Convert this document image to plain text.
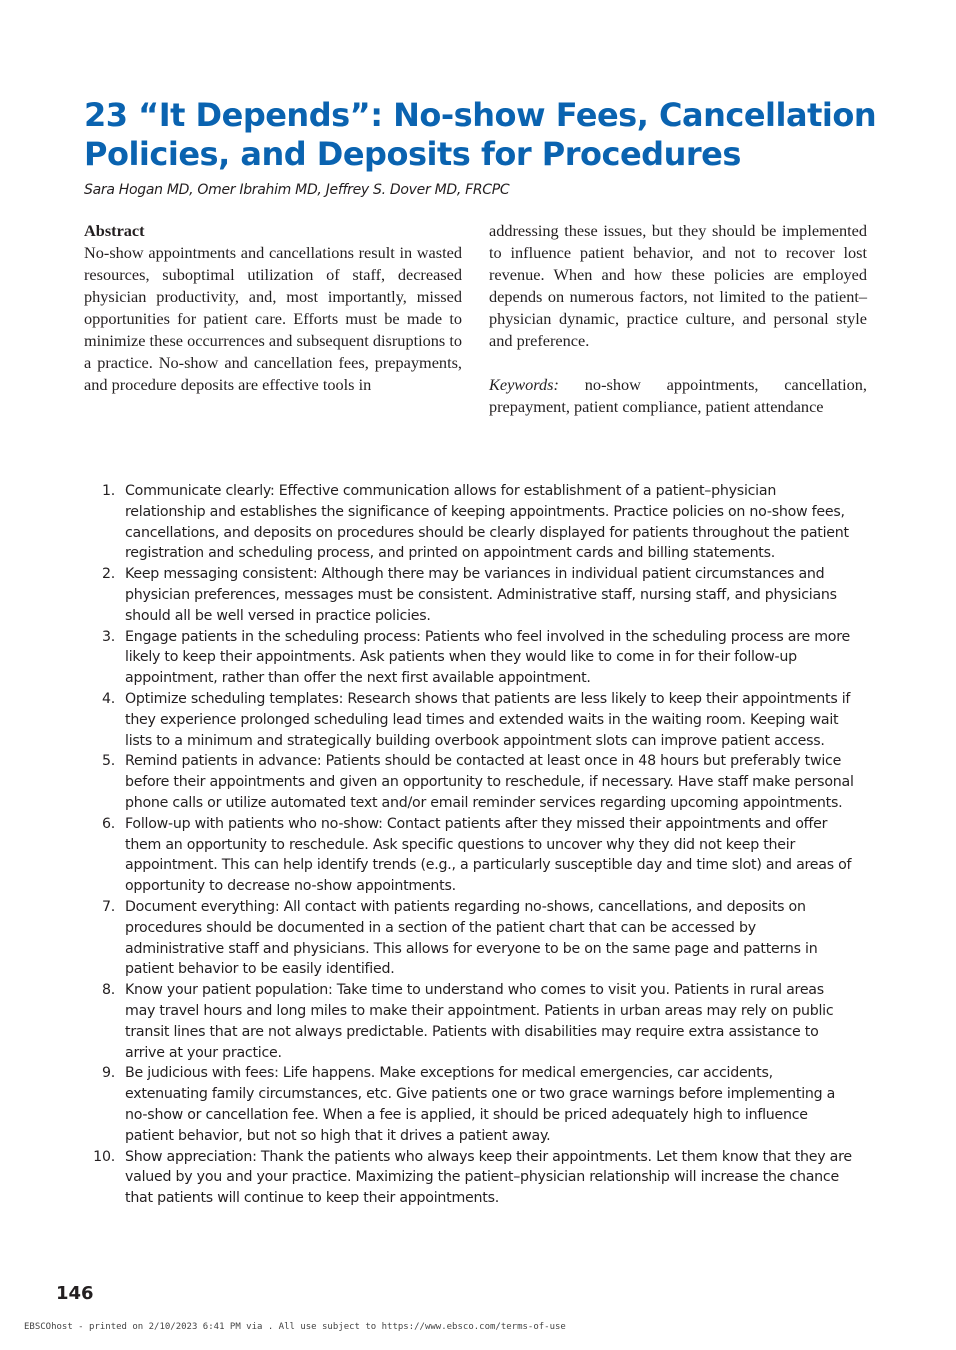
23 “It Depends”: No-show Fees, Cancellation Policies, and Deposits for Procedures

Sara Hogan MD, Omer Ibrahim MD, Jeffrey S. Dover MD, FRCPC

Abstract

No-show appointments and cancellations result in wasted resources, suboptimal utilization of staff, decreased physician productivity, and, most importantly, missed opportunities for patient care. Efforts must be made to minimize these occurrences and subsequent disruptions to a practice. No-show and cancellation fees, prepayments, and procedure deposits are effective tools in

addressing these issues, but they should be implemented to influence patient behavior, and not to recover lost revenue. When and how these policies are employed depends on numerous factors, not limited to the patient–physician dynamic, practice culture, and personal style and preference.

Keywords: no-show appointments, cancellation, prepayment, patient compliance, patient attendance

1. Communicate clearly: Effective communication allows for establishment of a patient–physician relationship and establishes the significance of keeping appointments. Practice policies on no-show fees, cancellations, and deposits on procedures should be clearly displayed for patients throughout the patient registration and scheduling process, and printed on appointment cards and billing statements.
2. Keep messaging consistent: Although there may be variances in individual patient circumstances and physician preferences, messages must be consistent. Administrative staff, nursing staff, and physicians should all be well versed in practice policies.
3. Engage patients in the scheduling process: Patients who feel involved in the scheduling process are more likely to keep their appointments. Ask patients when they would like to come in for their follow-up appointment, rather than offer the next first available appointment.
4. Optimize scheduling templates: Research shows that patients are less likely to keep their appointments if they experience prolonged scheduling lead times and extended waits in the waiting room. Keeping wait lists to a minimum and strategically building overbook appointment slots can improve patient access.
5. Remind patients in advance: Patients should be contacted at least once in 48 hours but preferably twice before their appointments and given an opportunity to reschedule, if necessary. Have staff make personal phone calls or utilize automated text and/or email reminder services regarding upcoming appointments.
6. Follow-up with patients who no-show: Contact patients after they missed their appointments and offer them an opportunity to reschedule. Ask specific questions to uncover why they did not keep their appointment. This can help identify trends (e.g., a particularly susceptible day and time slot) and areas of opportunity to decrease no-show appointments.
7. Document everything: All contact with patients regarding no-shows, cancellations, and deposits on procedures should be documented in a section of the patient chart that can be accessed by administrative staff and physicians. This allows for everyone to be on the same page and patterns in patient behavior to be easily identified.
8. Know your patient population: Take time to understand who comes to visit you. Patients in rural areas may travel hours and long miles to make their appointment. Patients in urban areas may rely on public transit lines that are not always predictable. Patients with disabilities may require extra assistance to arrive at your practice.
9. Be judicious with fees: Life happens. Make exceptions for medical emergencies, car accidents, extenuating family circumstances, etc. Give patients one or two grace warnings before implementing a no-show or cancellation fee. When a fee is applied, it should be priced adequately high to influence patient behavior, but not so high that it drives a patient away.
10. Show appreciation: Thank the patients who always keep their appointments. Let them know that they are valued by you and your practice. Maximizing the patient–physician relationship will increase the chance that patients will continue to keep their appointments.
146
EBSCOhost - printed on 2/10/2023 6:41 PM via . All use subject to https://www.ebsco.com/terms-of-use
